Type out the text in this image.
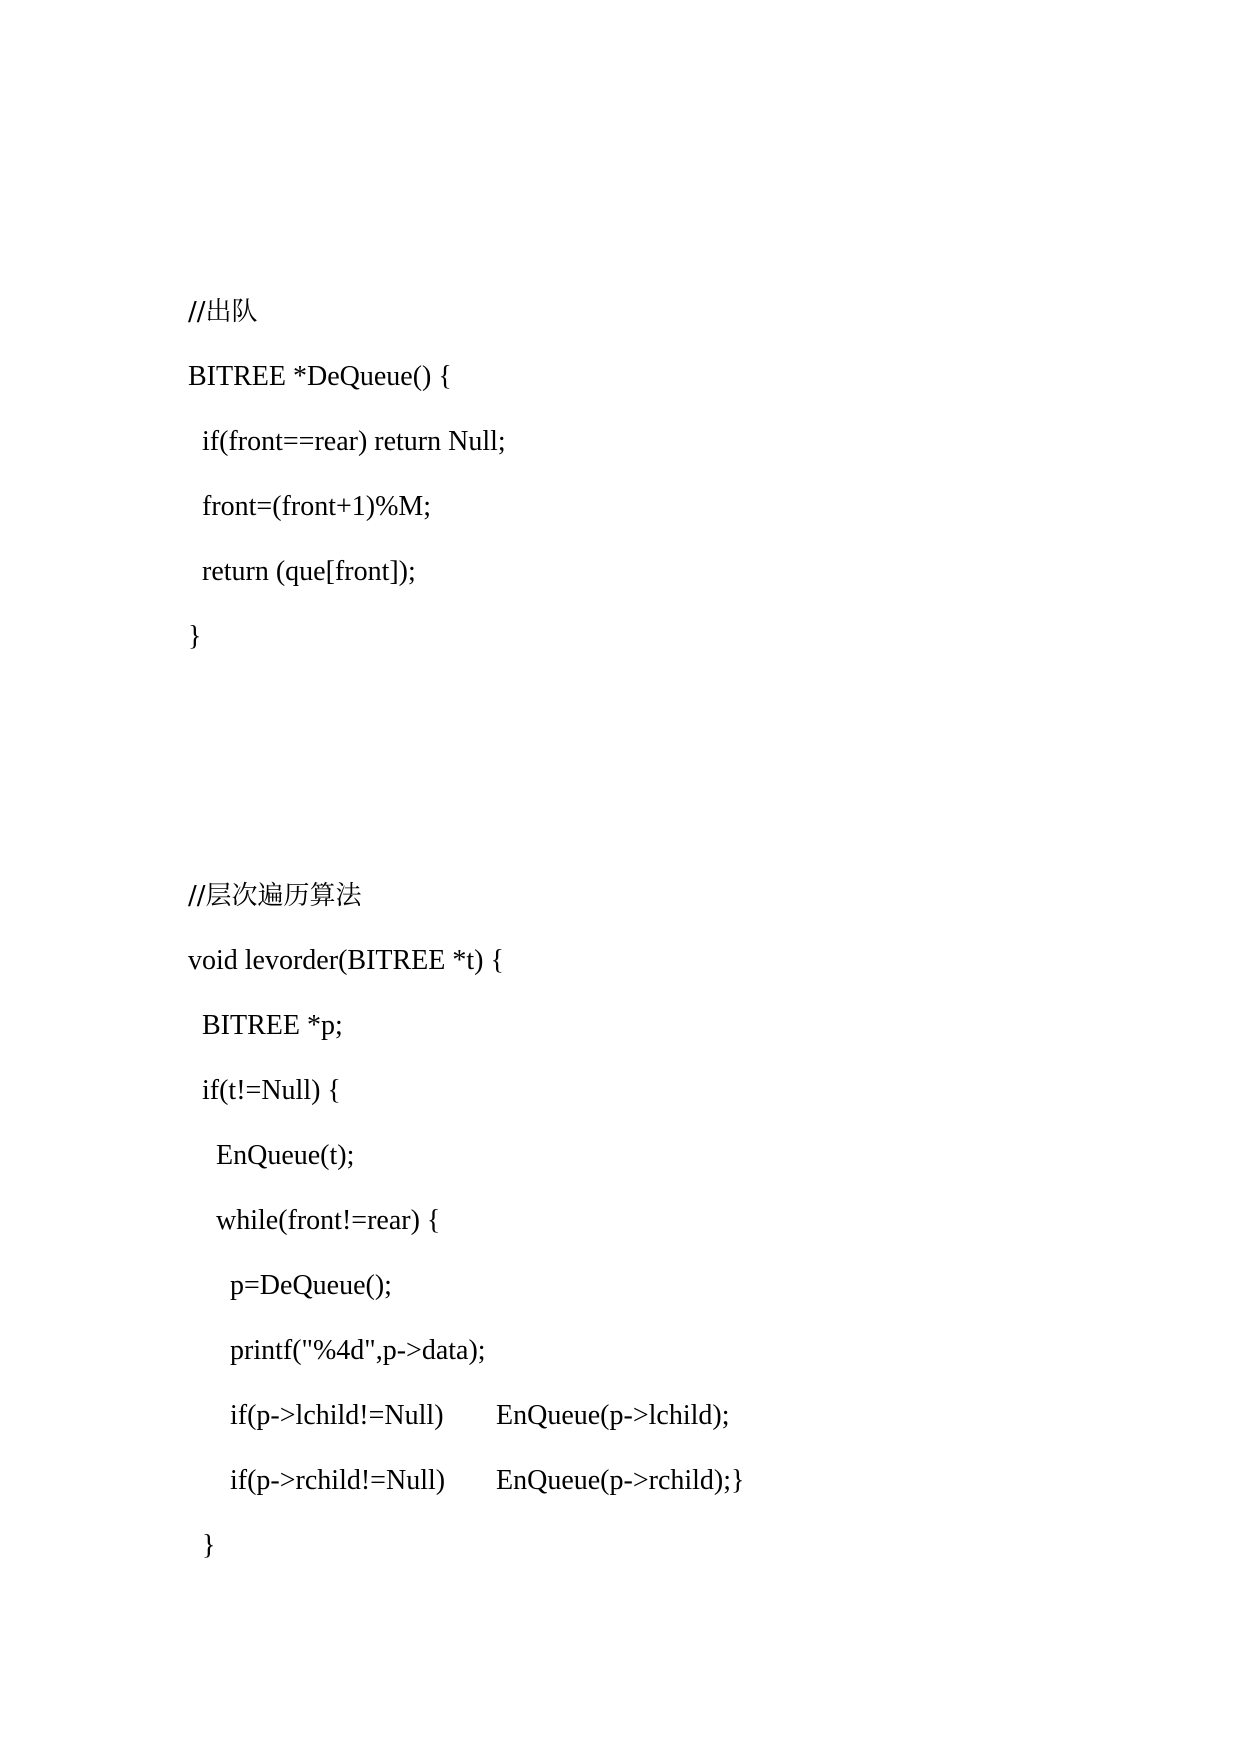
//出队
BITREE *DeQueue() {
if(front==rear) return Null;
front=(front+1)%M;
return (que[front]);
}
//层次遍历算法
void levorder(BITREE *t) {
BITREE *p;
if(t!=Null) {
EnQueue(t);
while(front!=rear) {
p=DeQueue();
printf("%4d",p->data);

if(p->lchild!=Null)

EnQueue(p->lchild);

if(p->rchild!=Null)

EnQueue(p->rchild);}

}
